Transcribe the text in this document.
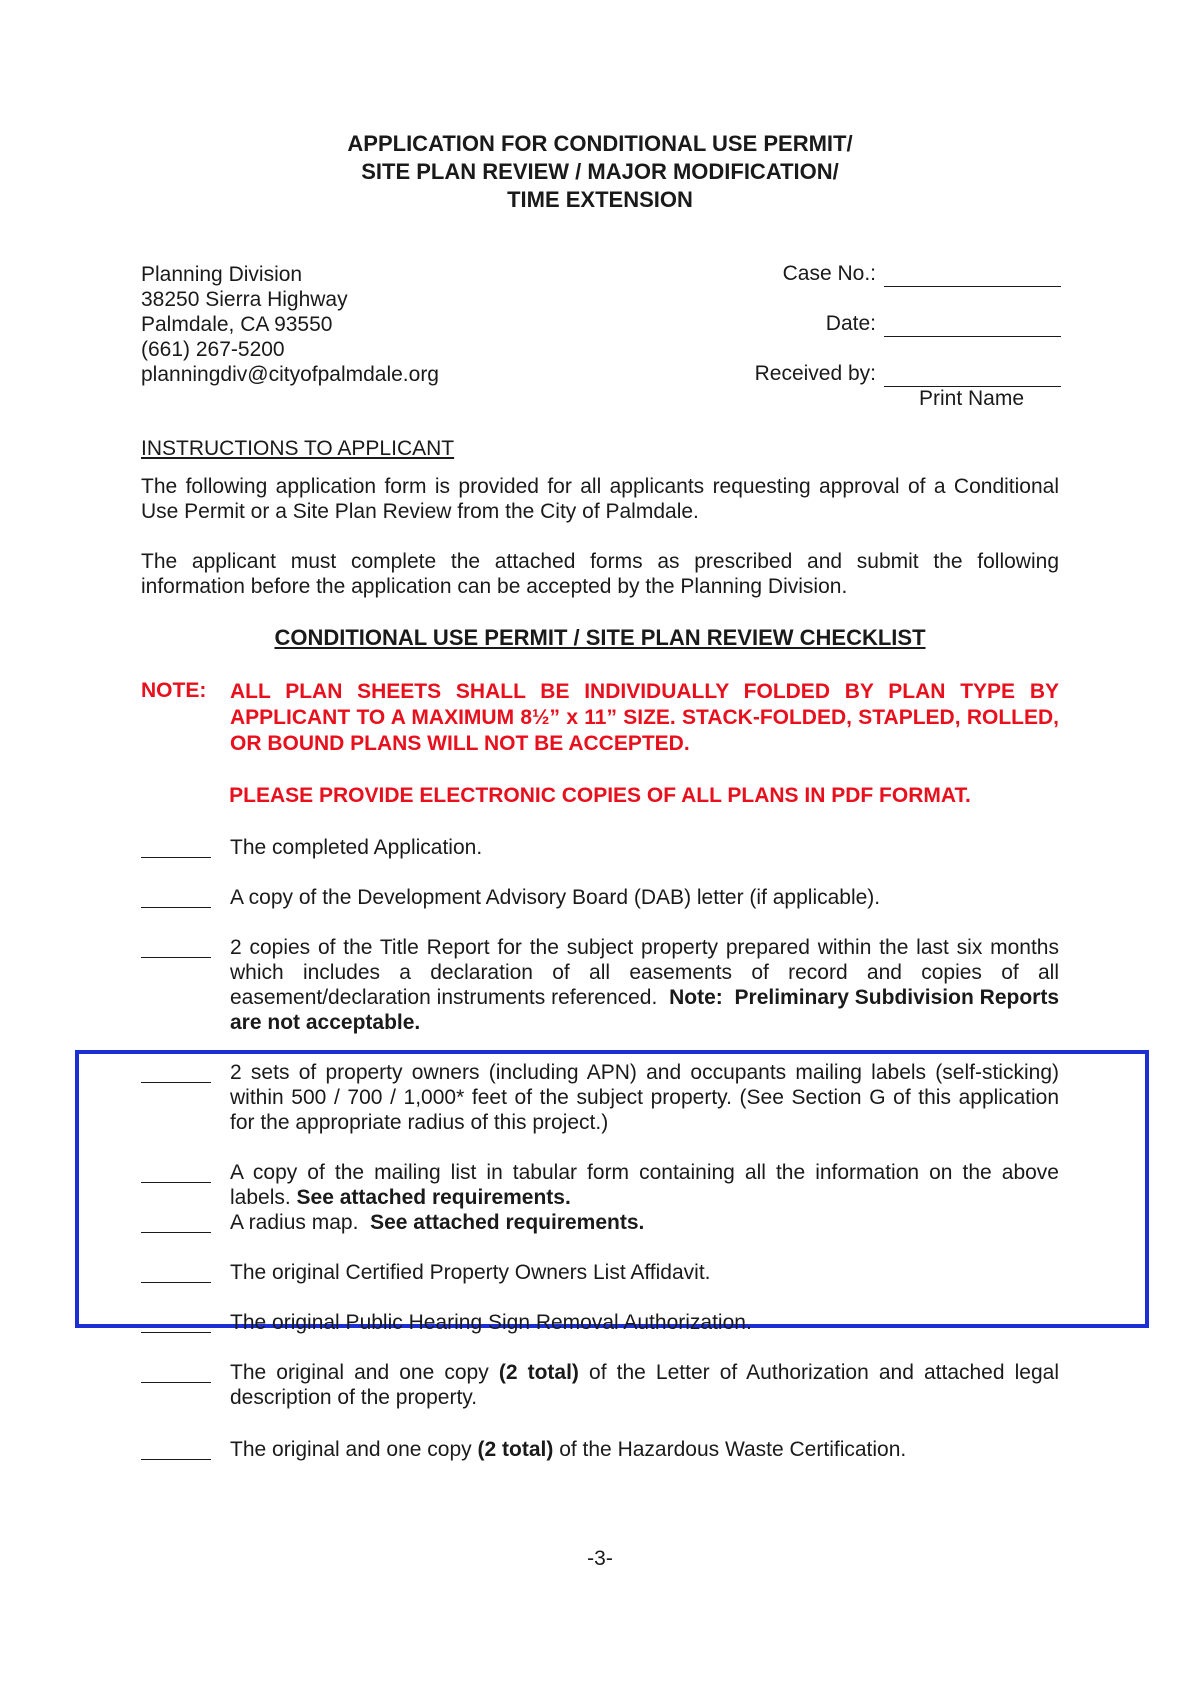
APPLICATION FOR CONDITIONAL USE PERMIT/
SITE PLAN REVIEW / MAJOR MODIFICATION/
TIME EXTENSION
Planning Division
38250 Sierra Highway
Palmdale, CA 93550
(661) 267-5200
planningdiv@cityofpalmdale.org
Case No.:
Date:
Received by:
Print Name
INSTRUCTIONS TO APPLICANT
The following application form is provided for all applicants requesting approval of a Conditional Use Permit or a Site Plan Review from the City of Palmdale.
The applicant must complete the attached forms as prescribed and submit the following information before the application can be accepted by the Planning Division.
CONDITIONAL USE PERMIT / SITE PLAN REVIEW CHECKLIST
NOTE: ALL PLAN SHEETS SHALL BE INDIVIDUALLY FOLDED BY PLAN TYPE BY APPLICANT TO A MAXIMUM 8½” x 11” SIZE. STACK-FOLDED, STAPLED, ROLLED, OR BOUND PLANS WILL NOT BE ACCEPTED.
PLEASE PROVIDE ELECTRONIC COPIES OF ALL PLANS IN PDF FORMAT.
The completed Application.
A copy of the Development Advisory Board (DAB) letter (if applicable).
2 copies of the Title Report for the subject property prepared within the last six months which includes a declaration of all easements of record and copies of all easement/declaration instruments referenced. Note: Preliminary Subdivision Reports are not acceptable.
2 sets of property owners (including APN) and occupants mailing labels (self-sticking) within 500 / 700 / 1,000* feet of the subject property. (See Section G of this application for the appropriate radius of this project.)
A copy of the mailing list in tabular form containing all the information on the above labels. See attached requirements.
A radius map. See attached requirements.
The original Certified Property Owners List Affidavit.
The original Public Hearing Sign Removal Authorization.
The original and one copy (2 total) of the Letter of Authorization and attached legal description of the property.
The original and one copy (2 total) of the Hazardous Waste Certification.
-3-
